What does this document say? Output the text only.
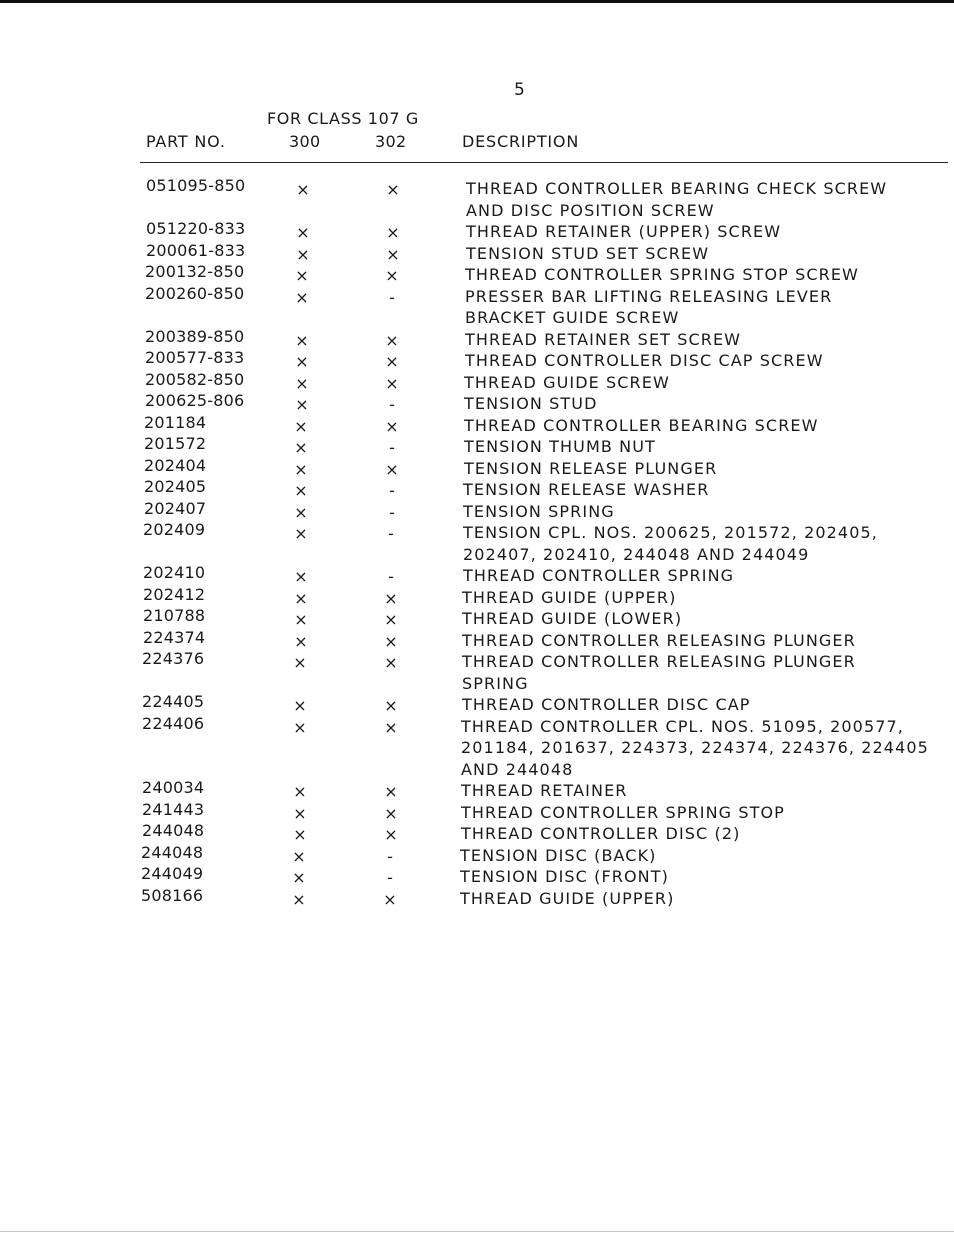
5
FOR CLASS 107 G
PART NO.	300	302	DESCRIPTION
051095-850	×	×	THREAD CONTROLLER BEARING CHECK SCREW
AND DISC POSITION SCREW
051220-833	×	×	THREAD RETAINER (UPPER) SCREW
200061-833	×	×	TENSION STUD SET SCREW
200132-850	×	×	THREAD CONTROLLER SPRING STOP SCREW
200260-850	×	-	PRESSER BAR LIFTING RELEASING LEVER
BRACKET GUIDE SCREW
200389-850	×	×	THREAD RETAINER SET SCREW
200577-833	×	×	THREAD CONTROLLER DISC CAP SCREW
200582-850	×	×	THREAD GUIDE SCREW
200625-806	×	-	TENSION STUD
201184	×	×	THREAD CONTROLLER BEARING SCREW
201572	×	-	TENSION THUMB NUT
202404	×	×	TENSION RELEASE PLUNGER
202405	×	-	TENSION RELEASE WASHER
202407	×	-	TENSION SPRING
202409	×	-	TENSION CPL. NOS. 200625, 201572, 202405,
202407, 202410, 244048 AND 244049
202410	×	-	THREAD CONTROLLER SPRING
202412	×	×	THREAD GUIDE (UPPER)
210788	×	×	THREAD GUIDE (LOWER)
224374	×	×	THREAD CONTROLLER RELEASING PLUNGER
224376	×	×	THREAD CONTROLLER RELEASING PLUNGER
SPRING
224405	×	×	THREAD CONTROLLER DISC CAP
224406	×	×	THREAD CONTROLLER CPL. NOS. 51095, 200577,
201184, 201637, 224373, 224374, 224376, 224405
AND 244048
240034	×	×	THREAD RETAINER
241443	×	×	THREAD CONTROLLER SPRING STOP
244048	×	×	THREAD CONTROLLER DISC (2)
244048	×	-	TENSION DISC (BACK)
244049	×	-	TENSION DISC (FRONT)
508166	×	×	THREAD GUIDE (UPPER)
